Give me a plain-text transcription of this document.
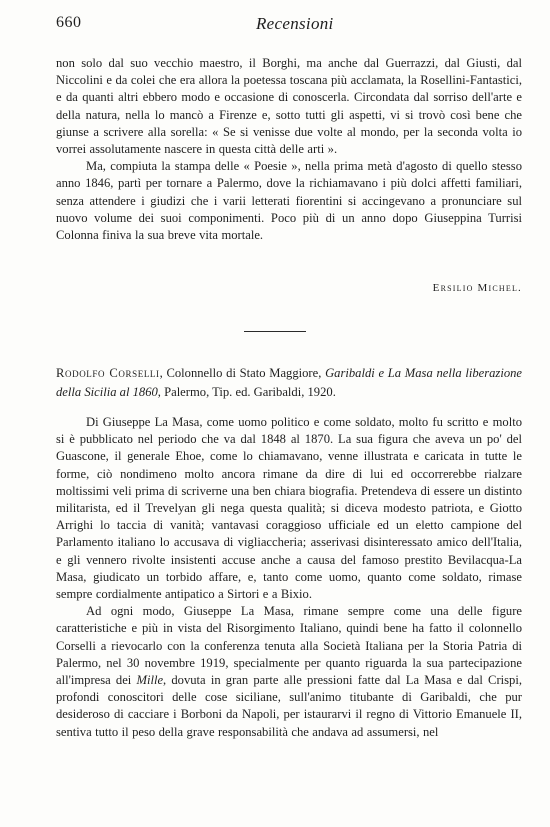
660	Recensioni

non solo dal suo vecchio maestro, il Borghi, ma anche dal Guerrazzi, dal Giusti, dal Niccolini e da colei che era allora la poetessa toscana più acclamata, la Rosellini-Fantastici, e da quanti altri ebbero modo e occasione di conoscerla. Circondata dal sorriso dell'arte e della natura, nella lo mancò a Firenze e, sotto tutti gli aspetti, vi si trovò così bene che giunse a scrivere alla sorella: « Se si venisse due volte al mondo, per la seconda volta io vorrei assolutamente nascere in questa città delle arti ».

Ma, compiuta la stampa delle « Poesie », nella prima metà d'agosto di quello stesso anno 1846, partì per tornare a Palermo, dove la richiamavano i più dolci affetti familiari, senza attendere i giudizi che i varii letterati fiorentini si accingevano a pronunciare sul nuovo volume dei suoi componimenti. Poco più di un anno dopo Giuseppina Turrisi Colonna finiva la sua breve vita mortale.

Ersilio Michel.
Rodolfo Corselli, Colonnello di Stato Maggiore, Garibaldi e La Masa nella liberazione della Sicilia al 1860, Palermo, Tip. ed. Garibaldi, 1920.

Di Giuseppe La Masa, come uomo politico e come soldato, molto fu scritto e molto si è pubblicato nel periodo che va dal 1848 al 1870. La sua figura che aveva un po' del Guascone, il generale Ehoe, come lo chiamavano, venne illustrata e caricata in tutte le forme, ciò nondimeno molto ancora rimane da dire di lui ed occorrerebbe rialzare moltissimi veli prima di scriverne una ben chiara biografia. Pretendeva di essere un distinto militarista, ed il Trevelyan gli nega questa qualità; si diceva modesto patriota, e Giotto Arrighi lo taccia di vanità; vantavasi coraggioso ufficiale ed un eletto campione del Parlamento italiano lo accusava di vigliaccheria; asserivasi disinteressato amico dell'Italia, e gli vennero rivolte insistenti accuse anche a causa del famoso prestito Bevilacqua-La Masa, giudicato un torbido affare, e, tanto come uomo, quanto come soldato, rimase sempre cordialmente antipatico a Sirtori e a Bixio.

Ad ogni modo, Giuseppe La Masa, rimane sempre come una delle figure caratteristiche e più in vista del Risorgimento Italiano, quindi bene ha fatto il colonnello Corselli a rievocarlo con la conferenza tenuta alla Società Italiana per la Storia Patria di Palermo, nel 30 novembre 1919, specialmente per quanto riguarda la sua partecipazione all'impresa dei Mille, dovuta in gran parte alle pressioni fatte dal La Masa e dal Crispi, profondi conoscitori delle cose siciliane, sull'animo titubante di Garibaldi, che pur desideroso di cacciare i Borboni da Napoli, per istaurarvi il regno di Vittorio Emanuele II, sentiva tutto il peso della grave responsabilità che andava ad assumersi, nel
